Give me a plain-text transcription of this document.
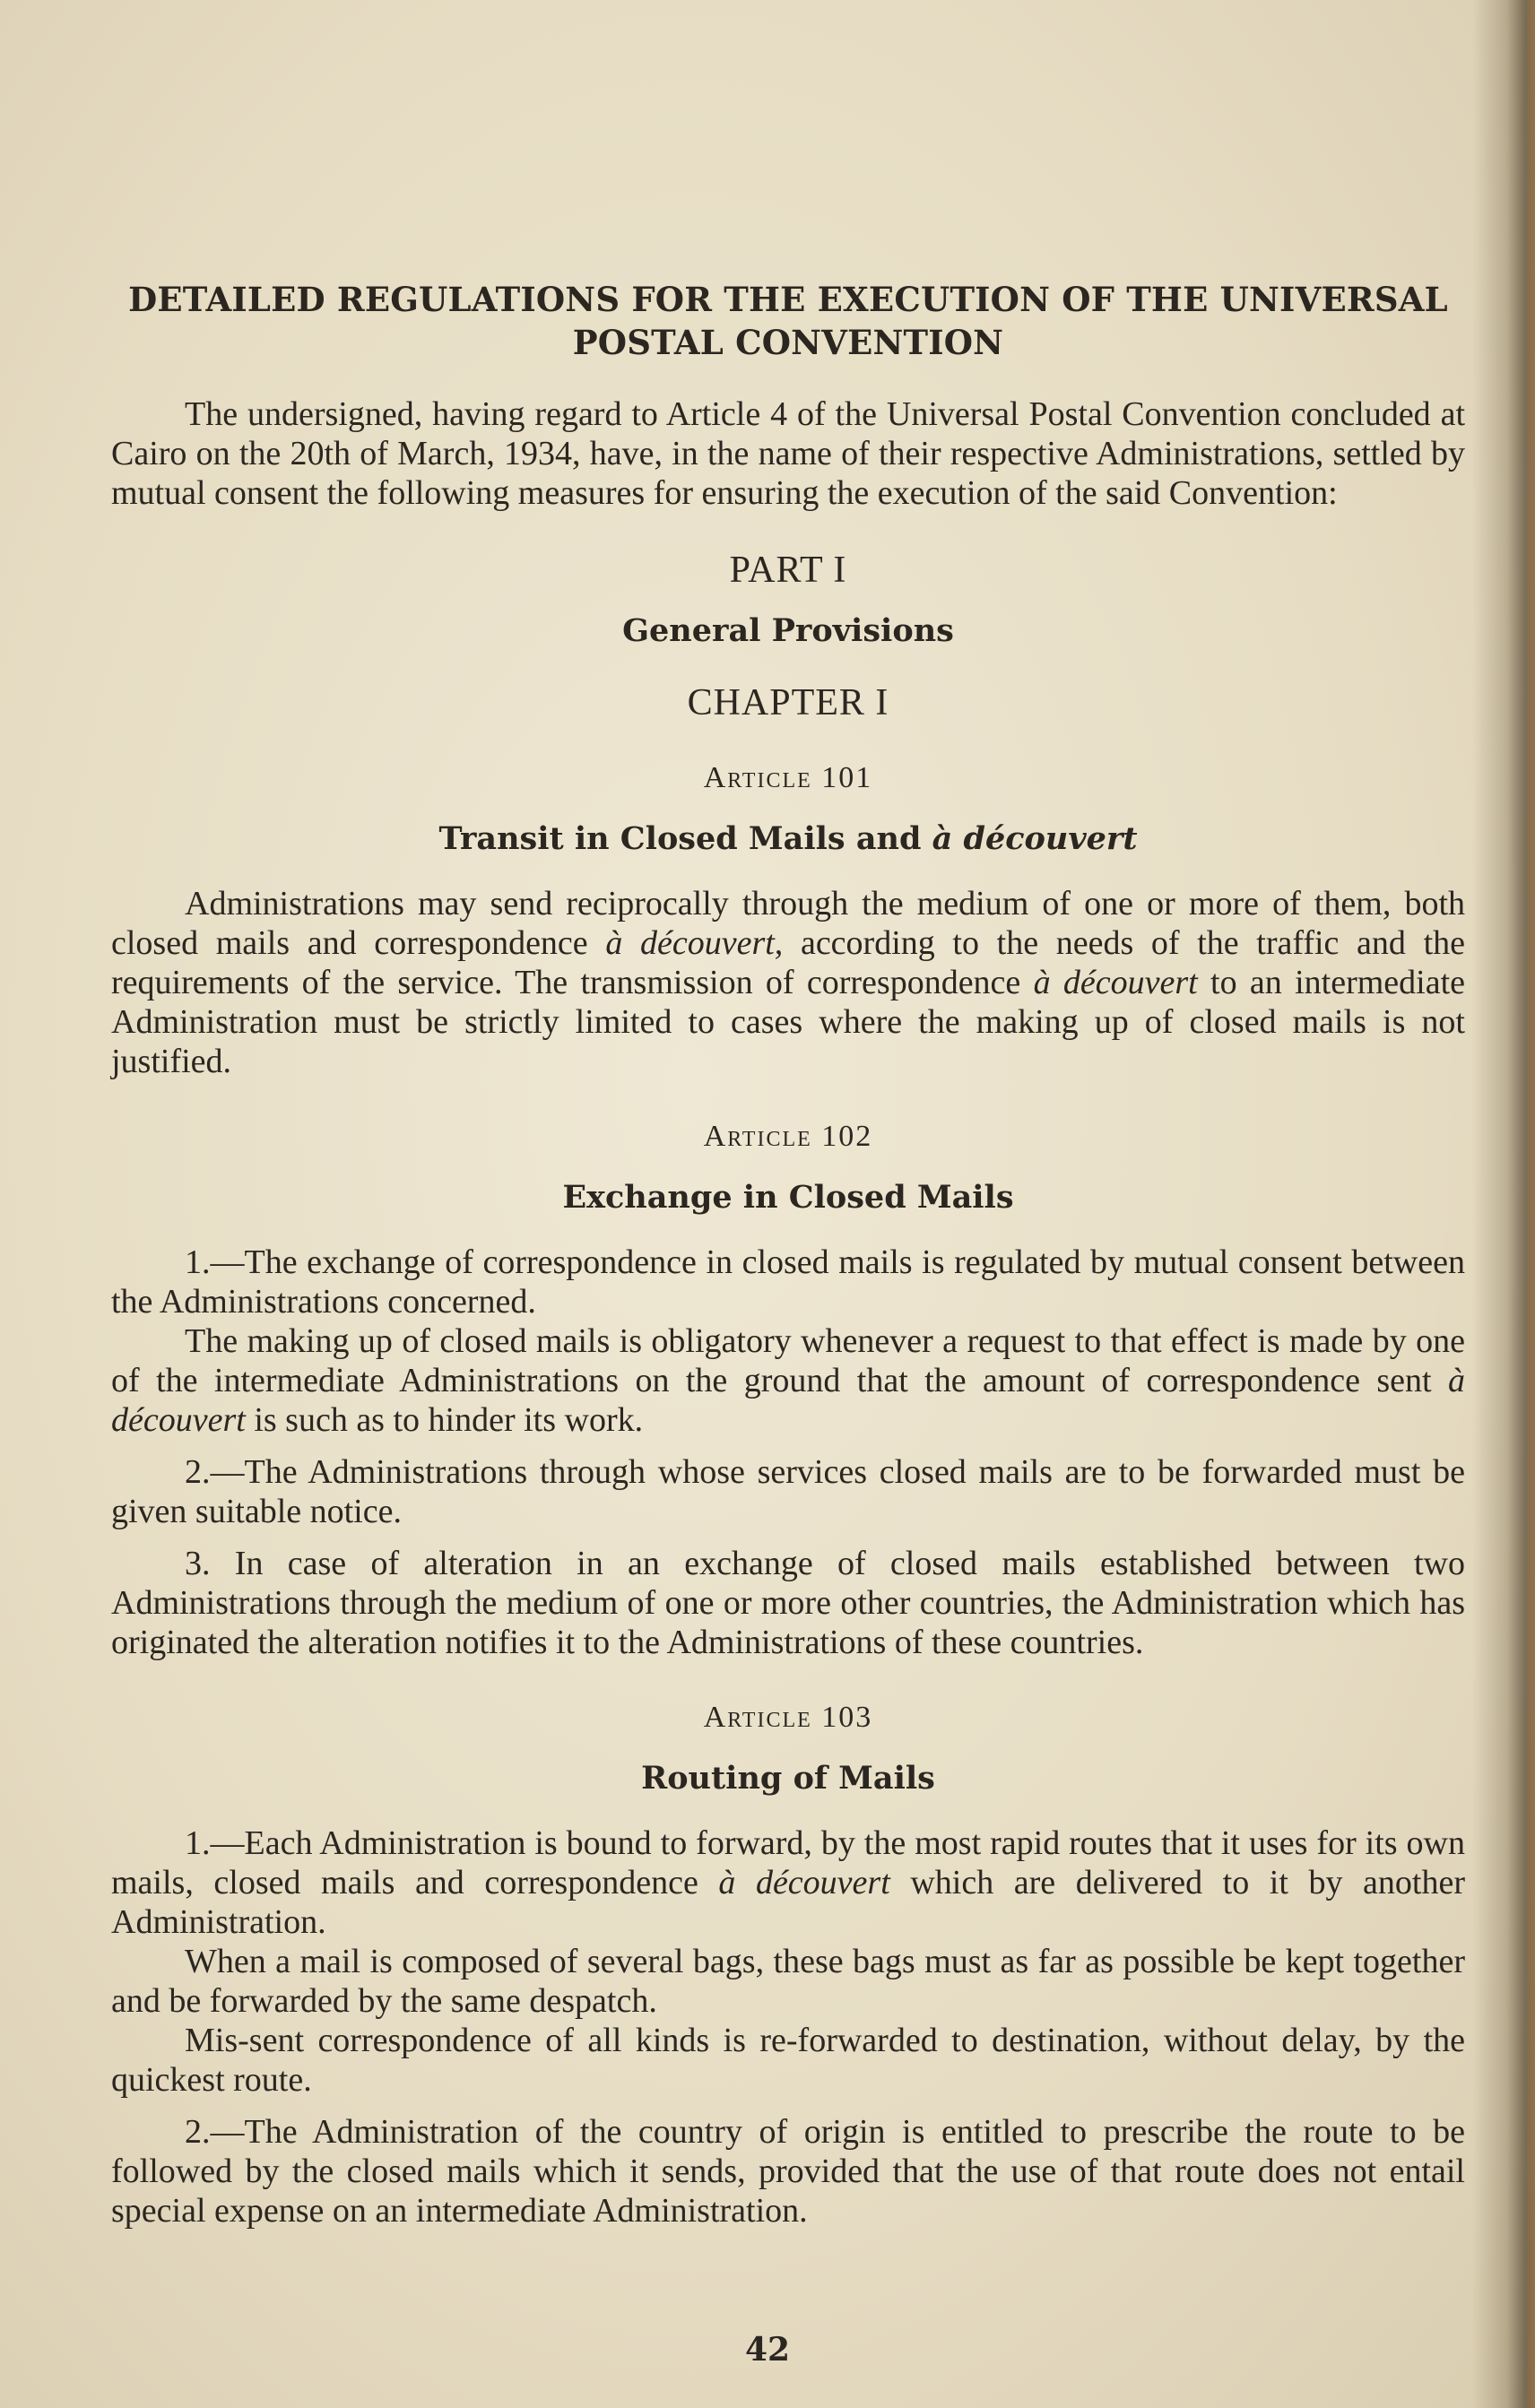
DETAILED REGULATIONS FOR THE EXECUTION OF THE UNIVERSAL
POSTAL CONVENTION

The undersigned, having regard to Article 4 of the Universal Postal Convention concluded at Cairo on the 20th of March, 1934, have, in the name of their respective Administrations, settled by mutual consent the following measures for ensuring the execution of the said Convention:

PART I
General Provisions
CHAPTER I
Article 101
Transit in Closed Mails and à découvert

Administrations may send reciprocally through the medium of one or more of them, both closed mails and correspondence à découvert, according to the needs of the traffic and the requirements of the service. The transmission of correspondence à découvert to an intermediate Administration must be strictly limited to cases where the making up of closed mails is not justified.

Article 102
Exchange in Closed Mails

1.—The exchange of correspondence in closed mails is regulated by mutual consent between the Administrations concerned.

The making up of closed mails is obligatory whenever a request to that effect is made by one of the intermediate Administrations on the ground that the amount of correspondence sent à découvert is such as to hinder its work.

2.—The Administrations through whose services closed mails are to be forwarded must be given suitable notice.

3. In case of alteration in an exchange of closed mails established between two Administrations through the medium of one or more other countries, the Administration which has originated the alteration notifies it to the Administrations of these countries.

Article 103
Routing of Mails

1.—Each Administration is bound to forward, by the most rapid routes that it uses for its own mails, closed mails and correspondence à découvert which are delivered to it by another Administration.

When a mail is composed of several bags, these bags must as far as possible be kept together and be forwarded by the same despatch.

Mis-sent correspondence of all kinds is re-forwarded to destination, without delay, by the quickest route.

2.—The Administration of the country of origin is entitled to prescribe the route to be followed by the closed mails which it sends, provided that the use of that route does not entail special expense on an intermediate Administration.

42
